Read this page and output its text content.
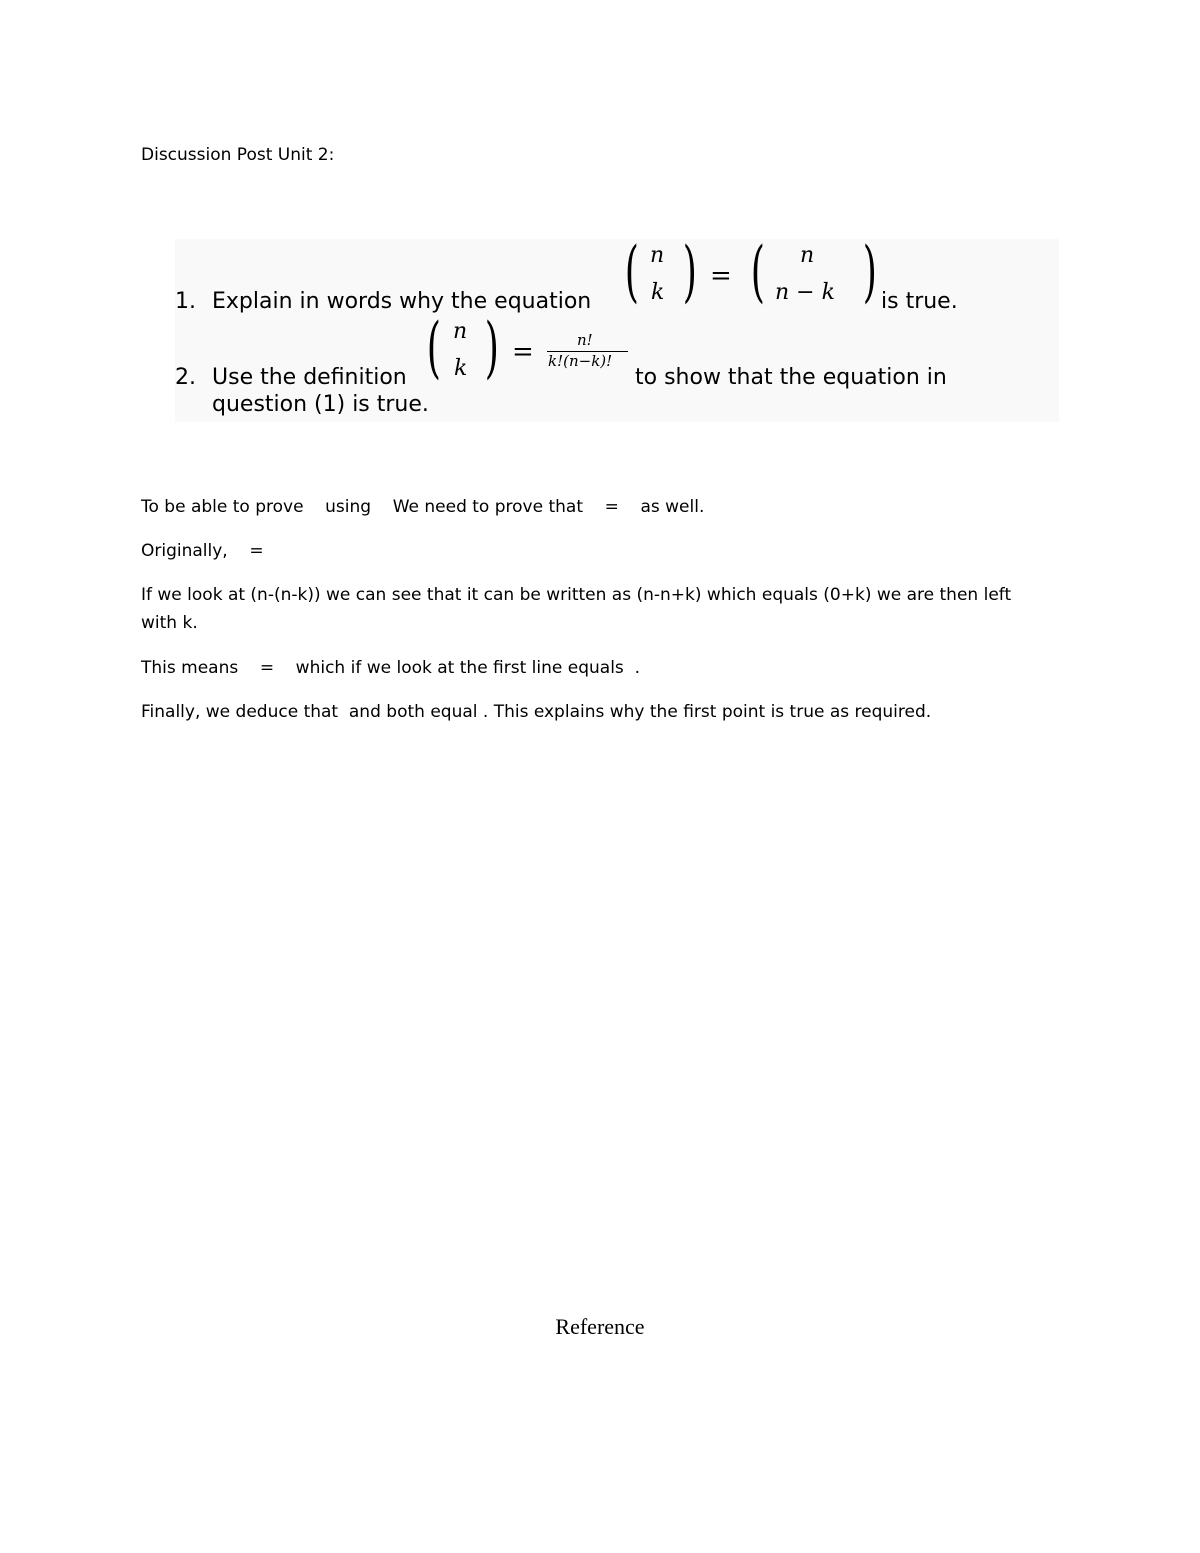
Discussion Post Unit 2:
1. Explain in words why the equation ( n
k ) = ( n
n − k ) is true.
2. Use the definition ( n
k ) =	n!
k!(n−k)!
to show that the equation in
question (1) is true.

To be able to prove    using    We need to prove that    =    as well.

Originally,    =

If we look at (n-(n-k)) we can see that it can be written as (n-n+k) which equals (0+k) we are then left

with k.

This means    =    which if we look at the first line equals  .

Finally, we deduce that  and both equal . This explains why the first point is true as required.

Reference
